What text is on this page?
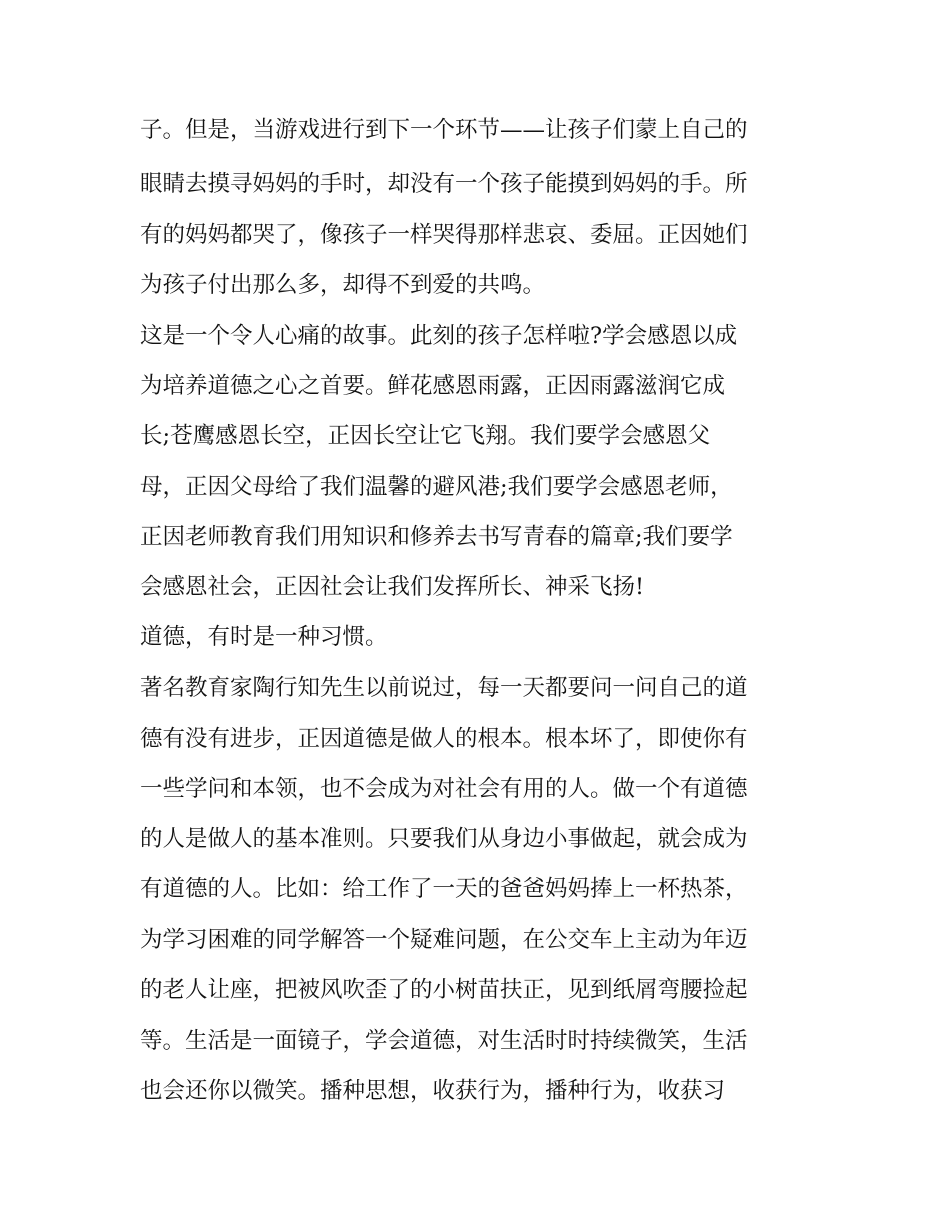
子。但是，当游戏进行到下一个环节——让孩子们蒙上自己的
眼睛去摸寻妈妈的手时，却没有一个孩子能摸到妈妈的手。所
有的妈妈都哭了，像孩子一样哭得那样悲哀、委屈。正因她们
为孩子付出那么多，却得不到爱的共鸣。
这是一个令人心痛的故事。此刻的孩子怎样啦?学会感恩以成
为培养道德之心之首要。鲜花感恩雨露，正因雨露滋润它成
长;苍鹰感恩长空，正因长空让它飞翔。我们要学会感恩父
母，正因父母给了我们温馨的避风港;我们要学会感恩老师，
正因老师教育我们用知识和修养去书写青春的篇章;我们要学
会感恩社会，正因社会让我们发挥所长、神采飞扬!
道德，有时是一种习惯。
著名教育家陶行知先生以前说过，每一天都要问一问自己的道
德有没有进步，正因道德是做人的根本。根本坏了，即使你有
一些学问和本领，也不会成为对社会有用的人。做一个有道德
的人是做人的基本准则。只要我们从身边小事做起，就会成为
有道德的人。比如：给工作了一天的爸爸妈妈捧上一杯热茶，
为学习困难的同学解答一个疑难问题，在公交车上主动为年迈
的老人让座，把被风吹歪了的小树苗扶正，见到纸屑弯腰捡起
等。生活是一面镜子，学会道德，对生活时时持续微笑，生活
也会还你以微笑。播种思想，收获行为，播种行为，收获习
